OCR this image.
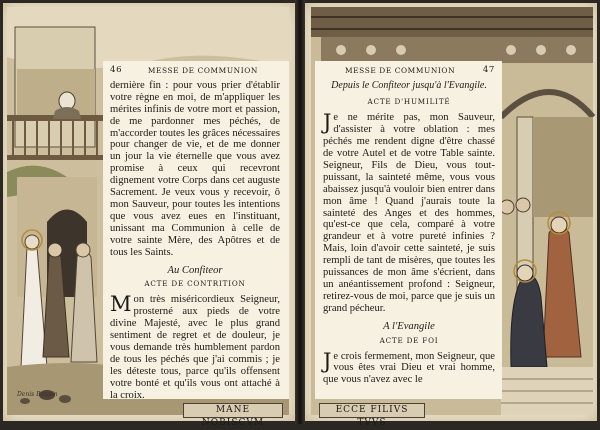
MANE NOBISCVM
Denis Bonnin
46	MESSE DE COMMUNION
dernière fin : pour vous prier d'établir votre règne en moi, de m'appliquer les mérites infinis de votre mort et passion, de me pardonner mes péchés, de m'accorder toutes les grâces nécessaires pour changer de vie, et de me donner un jour la vie éternelle que vous avez promise à ceux qui recevront dignement votre Corps dans cet auguste Sacrement. Je veux vous y recevoir, ô mon Sauveur, pour toutes les intentions que vous avez eues en l'instituant, unissant ma Communion à celle de votre sainte Mère, des Apôtres et de tous les Saints.
Au Confiteor
ACTE DE CONTRITION
Mon très miséricordieux Seigneur, prosterné aux pieds de votre divine Majesté, avec le plus grand sentiment de regret et de douleur, je vous demande très humblement pardon de tous les péchés que j'ai commis ; je les déteste tous, parce qu'ils offensent votre bonté et qu'ils vous ont attaché à la croix.
ECCE FILIVS TVVS
MESSE DE COMMUNION	47
Depuis le Confiteor jusqu'à l'Evangile.
ACTE D'HUMILITÉ
Je ne mérite pas, mon Sauveur, d'assister à votre oblation : mes péchés me rendent digne d'être chassé de votre Autel et de votre Table sainte. Seigneur, Fils de Dieu, vous tout-puissant, la sainteté même, vous vous abaissez jusqu'à vouloir bien entrer dans mon âme ! Quand j'aurais toute la sainteté des Anges et des hommes, qu'est-ce que cela, comparé à votre grandeur et à votre pureté infinies ? Mais, loin d'avoir cette sainteté, je suis rempli de tant de misères, que toutes les puissances de mon âme s'écrient, dans un anéantissement profond : Seigneur, retirez-vous de moi, parce que je suis un grand pécheur.
A l'Evangile
ACTE DE FOI
Je crois fermement, mon Seigneur, que vous êtes vrai Dieu et vrai homme, que vous n'avez avec le
